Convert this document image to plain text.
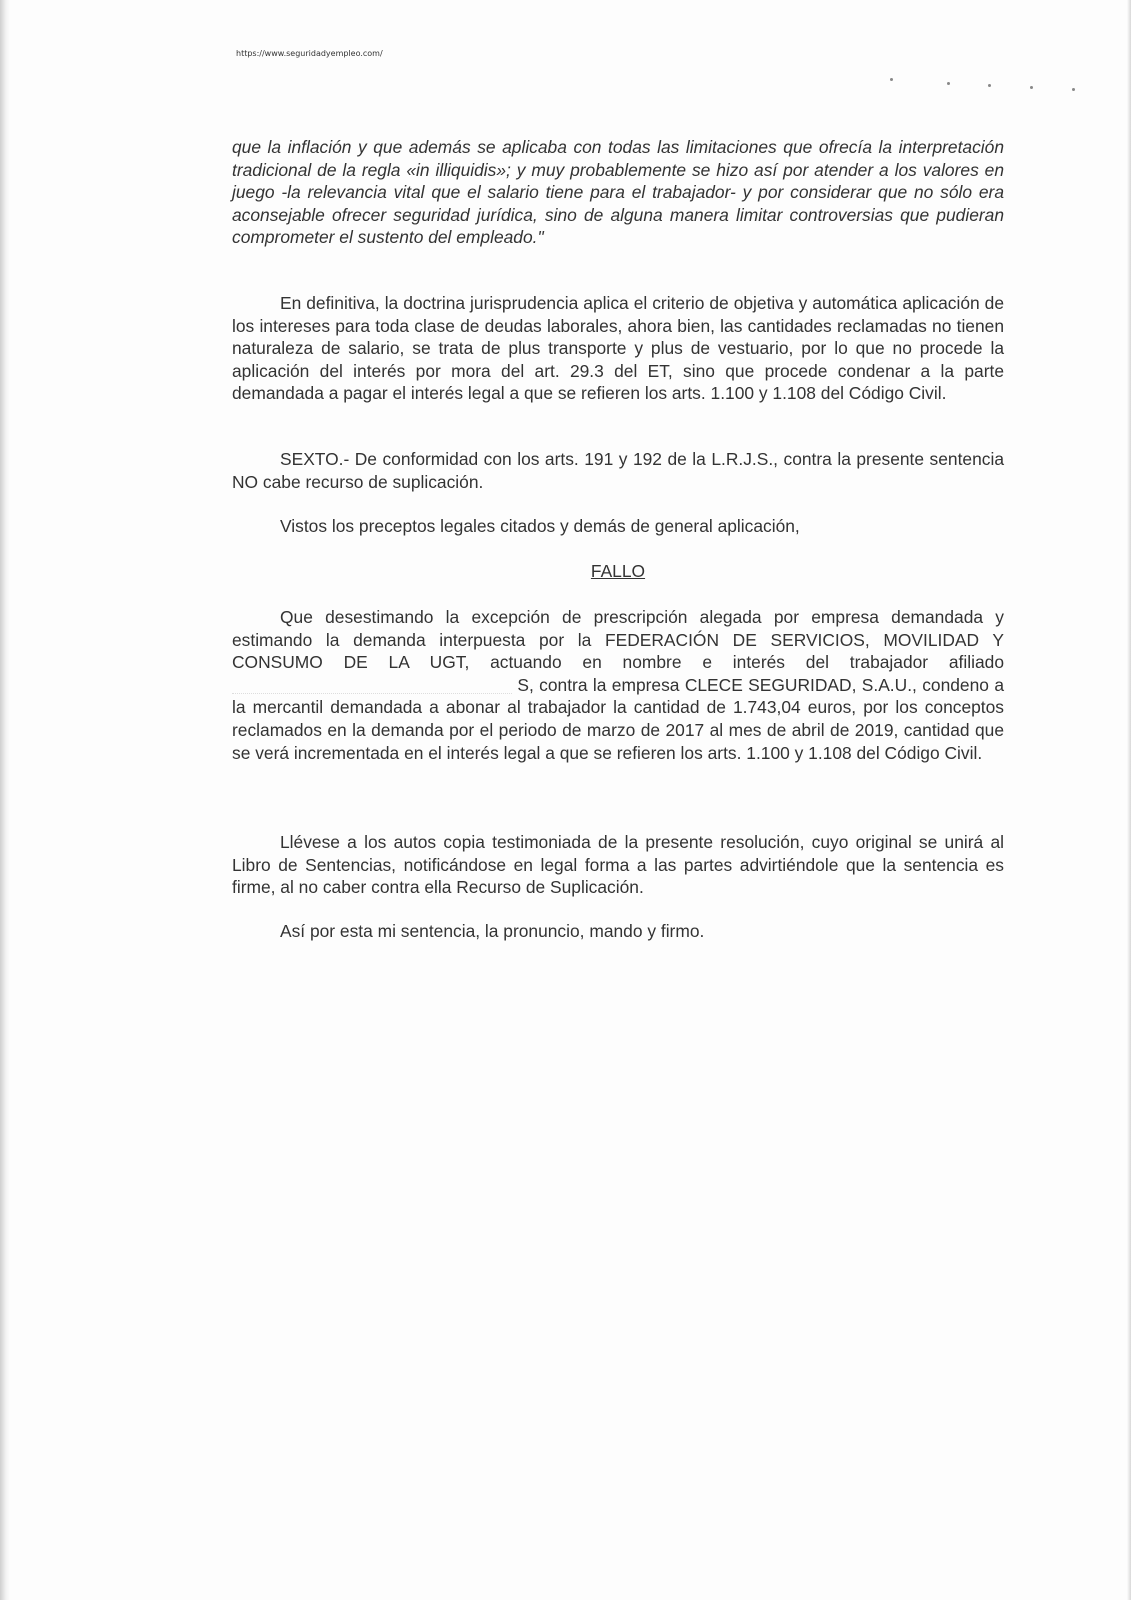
https://www.seguridadyempleo.com/
que la inflación y que además se aplicaba con todas las limitaciones que ofrecía la interpretación tradicional de la regla «in illiquidis»; y muy probablemente se hizo así por atender a los valores en juego -la relevancia vital que el salario tiene para el trabajador- y por considerar que no sólo era aconsejable ofrecer seguridad jurídica, sino de alguna manera limitar controversias que pudieran comprometer el sustento del empleado."
En definitiva, la doctrina jurisprudencia aplica el criterio de objetiva y automática aplicación de los intereses para toda clase de deudas laborales, ahora bien, las cantidades reclamadas no tienen naturaleza de salario, se trata de plus transporte y plus de vestuario, por lo que no procede la aplicación del interés por mora del art. 29.3 del ET, sino que procede condenar a la parte demandada a pagar el interés legal a que se refieren los arts. 1.100 y 1.108 del Código Civil.
SEXTO.- De conformidad con los arts. 191 y 192 de la L.R.J.S., contra la presente sentencia NO cabe recurso de suplicación.
Vistos los preceptos legales citados y demás de general aplicación,
FALLO
Que desestimando la excepción de prescripción alegada por empresa demandada y estimando la demanda interpuesta por la FEDERACIÓN DE SERVICIOS, MOVILIDAD Y CONSUMO DE LA UGT, actuando en nombre e interés del trabajador afiliado  S, contra la empresa CLECE SEGURIDAD, S.A.U., condeno a la mercantil demandada a abonar al trabajador la cantidad de 1.743,04 euros, por los conceptos reclamados en la demanda por el periodo de marzo de 2017 al mes de abril de 2019, cantidad que se verá incrementada en el interés legal a que se refieren los arts. 1.100 y 1.108 del Código Civil.
Llévese a los autos copia testimoniada de la presente resolución, cuyo original se unirá al Libro de Sentencias, notificándose en legal forma a las partes advirtiéndole que la sentencia es firme, al no caber contra ella Recurso de Suplicación.
Así por esta mi sentencia, la pronuncio, mando y firmo.
